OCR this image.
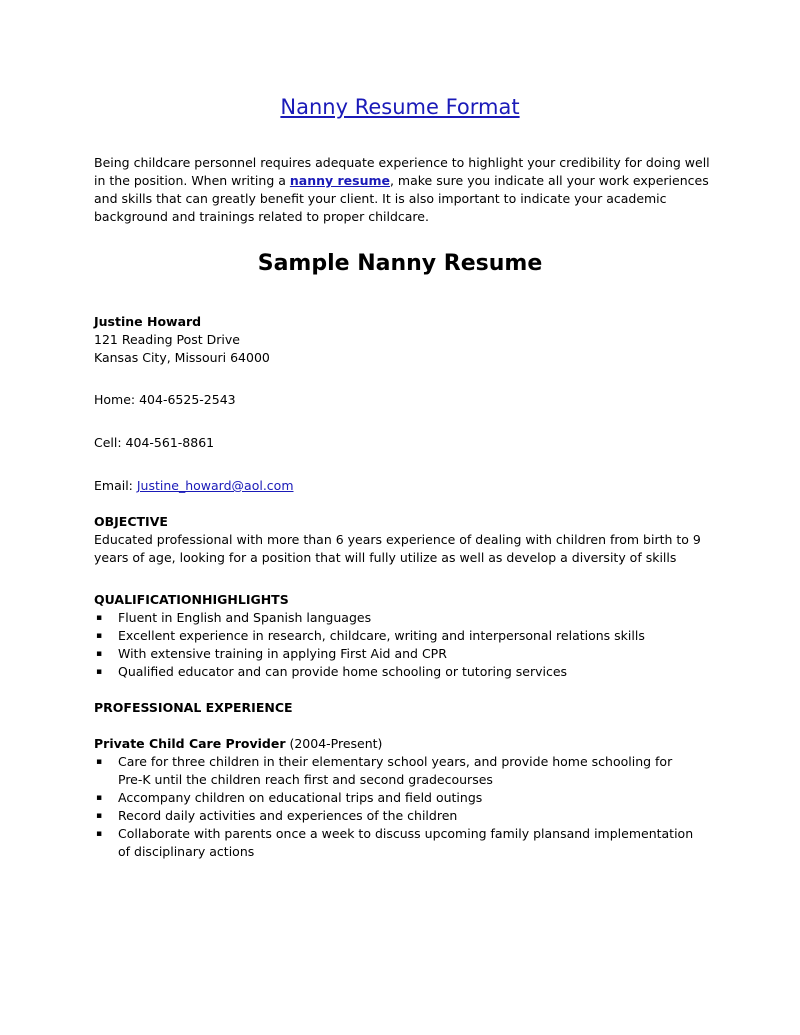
Nanny Resume Format
Being childcare personnel requires adequate experience to highlight your credibility for doing well in the position. When writing a nanny resume, make sure you indicate all your work experiences and skills that can greatly benefit your client. It is also important to indicate your academic background and trainings related to proper childcare.
Sample Nanny Resume
Justine Howard
121 Reading Post Drive
Kansas City, Missouri 64000
Home: 404-6525-2543
Cell: 404-561-8861
Email: Justine_howard@aol.com
OBJECTIVE
Educated professional with more than 6 years experience of dealing with children from birth to 9 years of age, looking for a position that will fully utilize as well as develop a diversity of skills
QUALIFICATIONHIGHLIGHTS
▪ Fluent in English and Spanish languages
▪ Excellent experience in research, childcare, writing and interpersonal relations skills
▪ With extensive training in applying First Aid and CPR
▪ Qualified educator and can provide home schooling or tutoring services
PROFESSIONAL EXPERIENCE
Private Child Care Provider (2004-Present)
▪ Care for three children in their elementary school years, and provide home schooling for Pre-K until the children reach first and second gradecourses
▪ Accompany children on educational trips and field outings
▪ Record daily activities and experiences of the children
▪ Collaborate with parents once a week to discuss upcoming family plansand implementation of disciplinary actions
